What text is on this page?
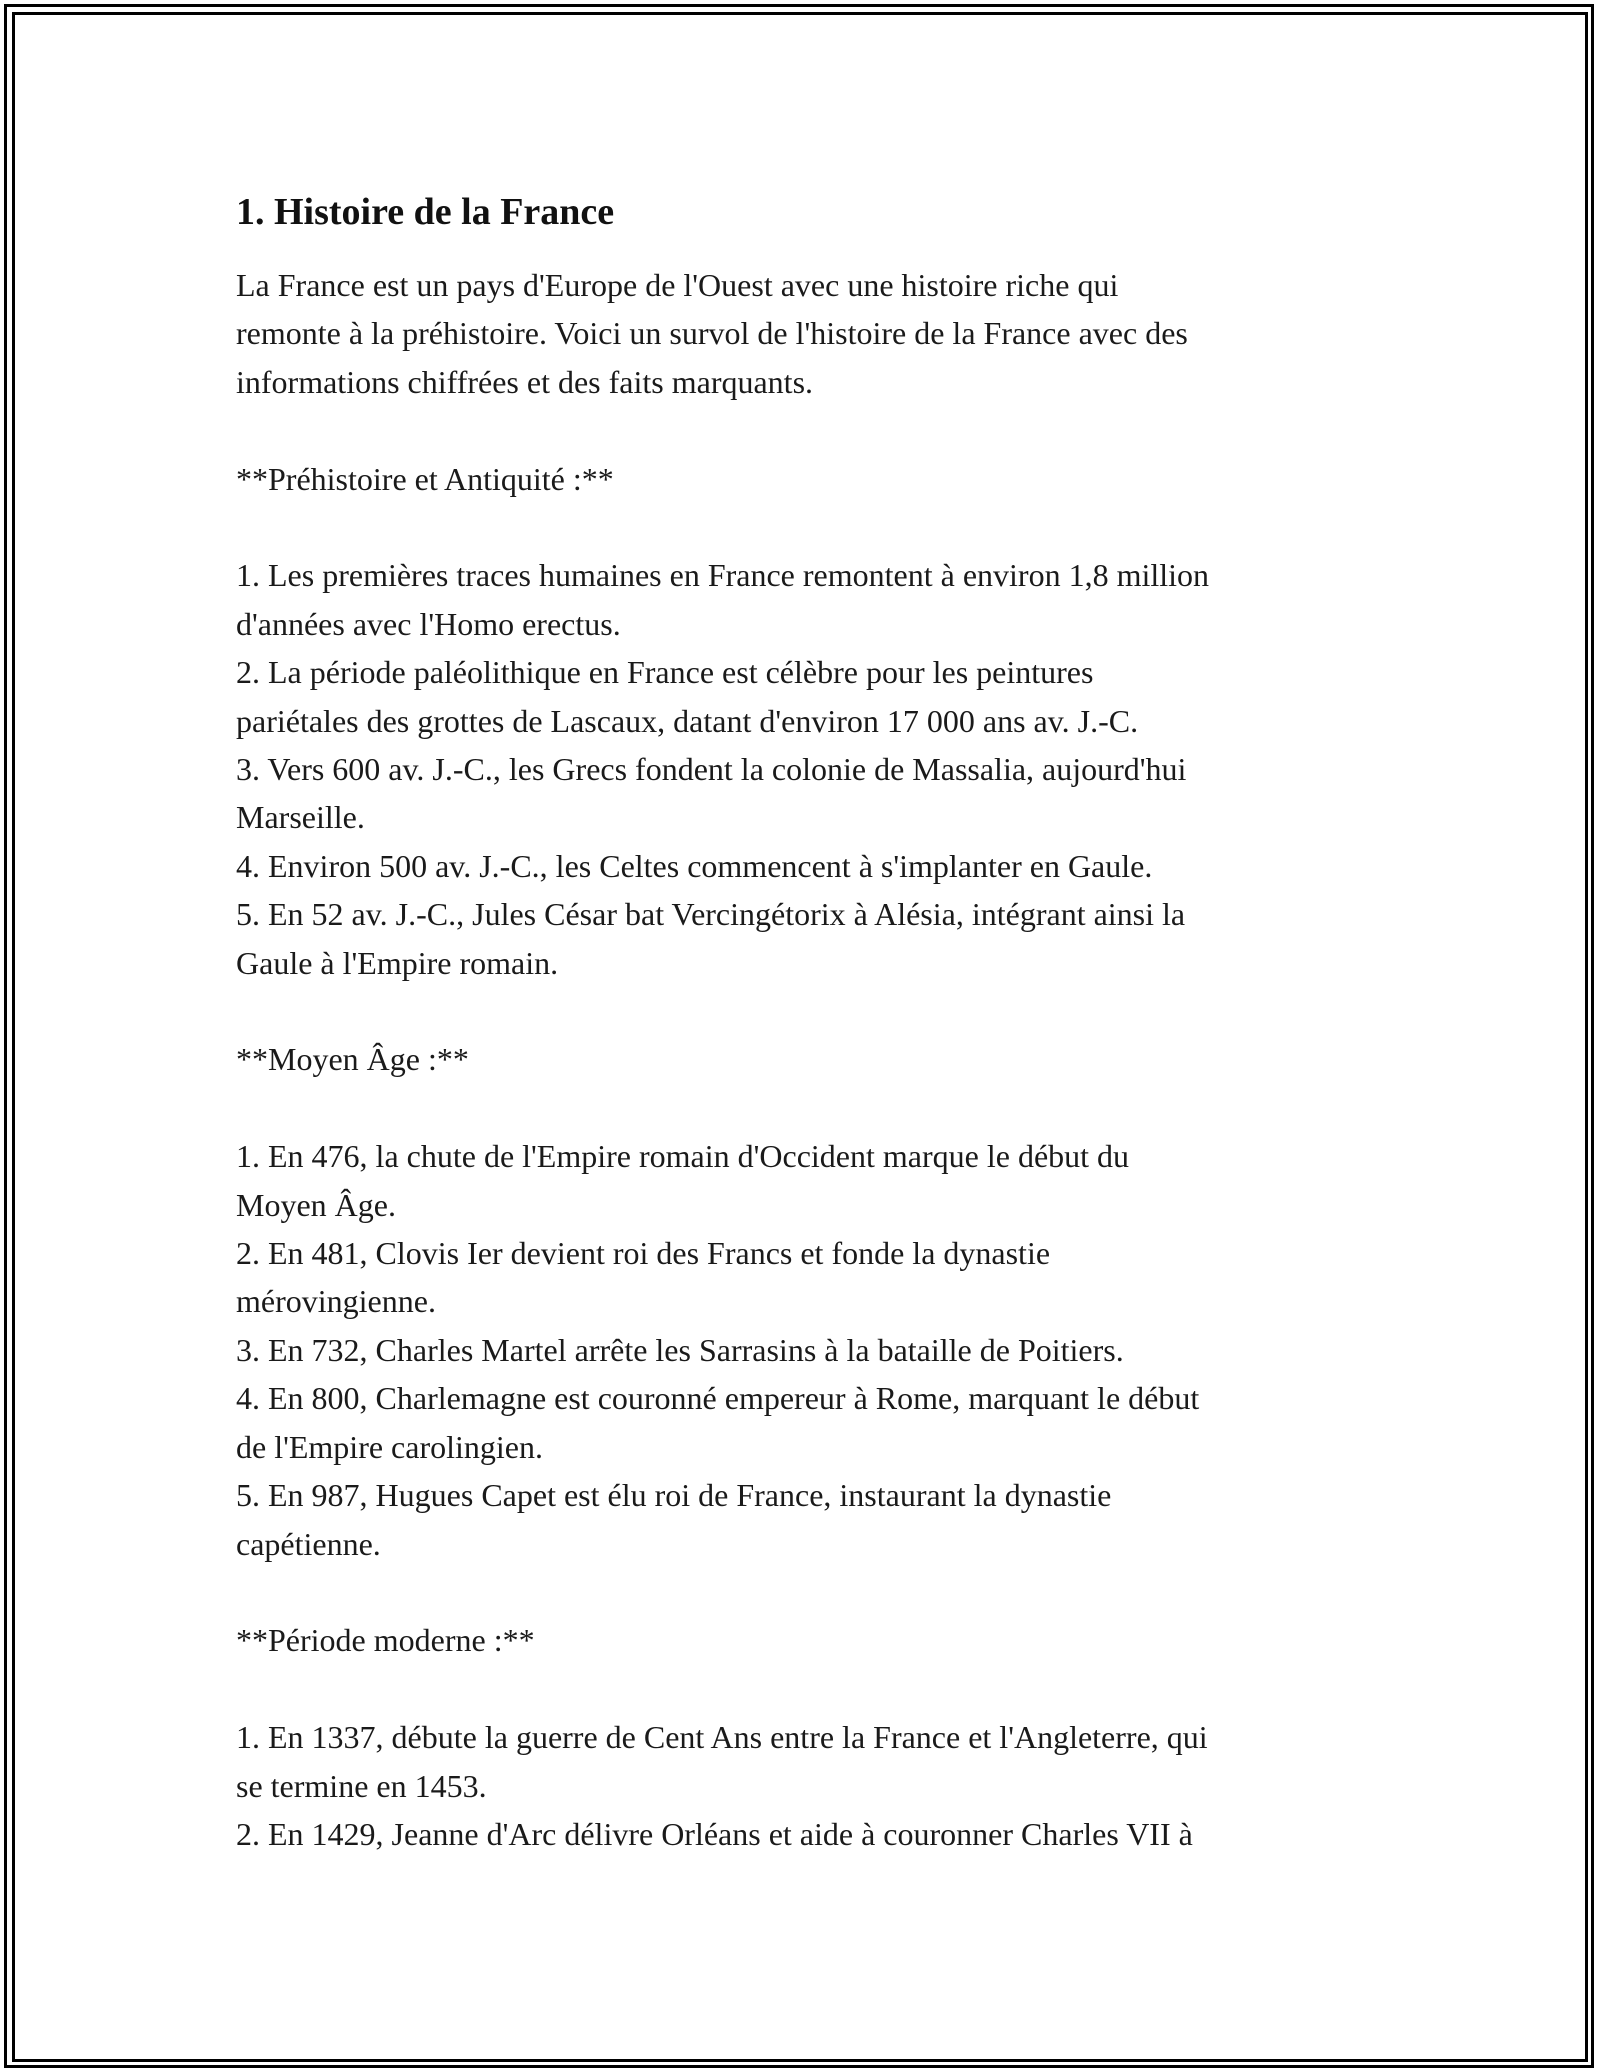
1. Histoire de la France
La France est un pays d'Europe de l'Ouest avec une histoire riche qui
remonte à la préhistoire. Voici un survol de l'histoire de la France avec des
informations chiffrées et des faits marquants.
**Préhistoire et Antiquité :**
1. Les premières traces humaines en France remontent à environ 1,8 million
d'années avec l'Homo erectus.
2. La période paléolithique en France est célèbre pour les peintures
pariétales des grottes de Lascaux, datant d'environ 17 000 ans av. J.-C.
3. Vers 600 av. J.-C., les Grecs fondent la colonie de Massalia, aujourd'hui
Marseille.
4. Environ 500 av. J.-C., les Celtes commencent à s'implanter en Gaule.
5. En 52 av. J.-C., Jules César bat Vercingétorix à Alésia, intégrant ainsi la
Gaule à l'Empire romain.
**Moyen Âge :**
1. En 476, la chute de l'Empire romain d'Occident marque le début du
Moyen Âge.
2. En 481, Clovis Ier devient roi des Francs et fonde la dynastie
mérovingienne.
3. En 732, Charles Martel arrête les Sarrasins à la bataille de Poitiers.
4. En 800, Charlemagne est couronné empereur à Rome, marquant le début
de l'Empire carolingien.
5. En 987, Hugues Capet est élu roi de France, instaurant la dynastie
capétienne.
**Période moderne :**
1. En 1337, débute la guerre de Cent Ans entre la France et l'Angleterre, qui
se termine en 1453.
2. En 1429, Jeanne d'Arc délivre Orléans et aide à couronner Charles VII à
